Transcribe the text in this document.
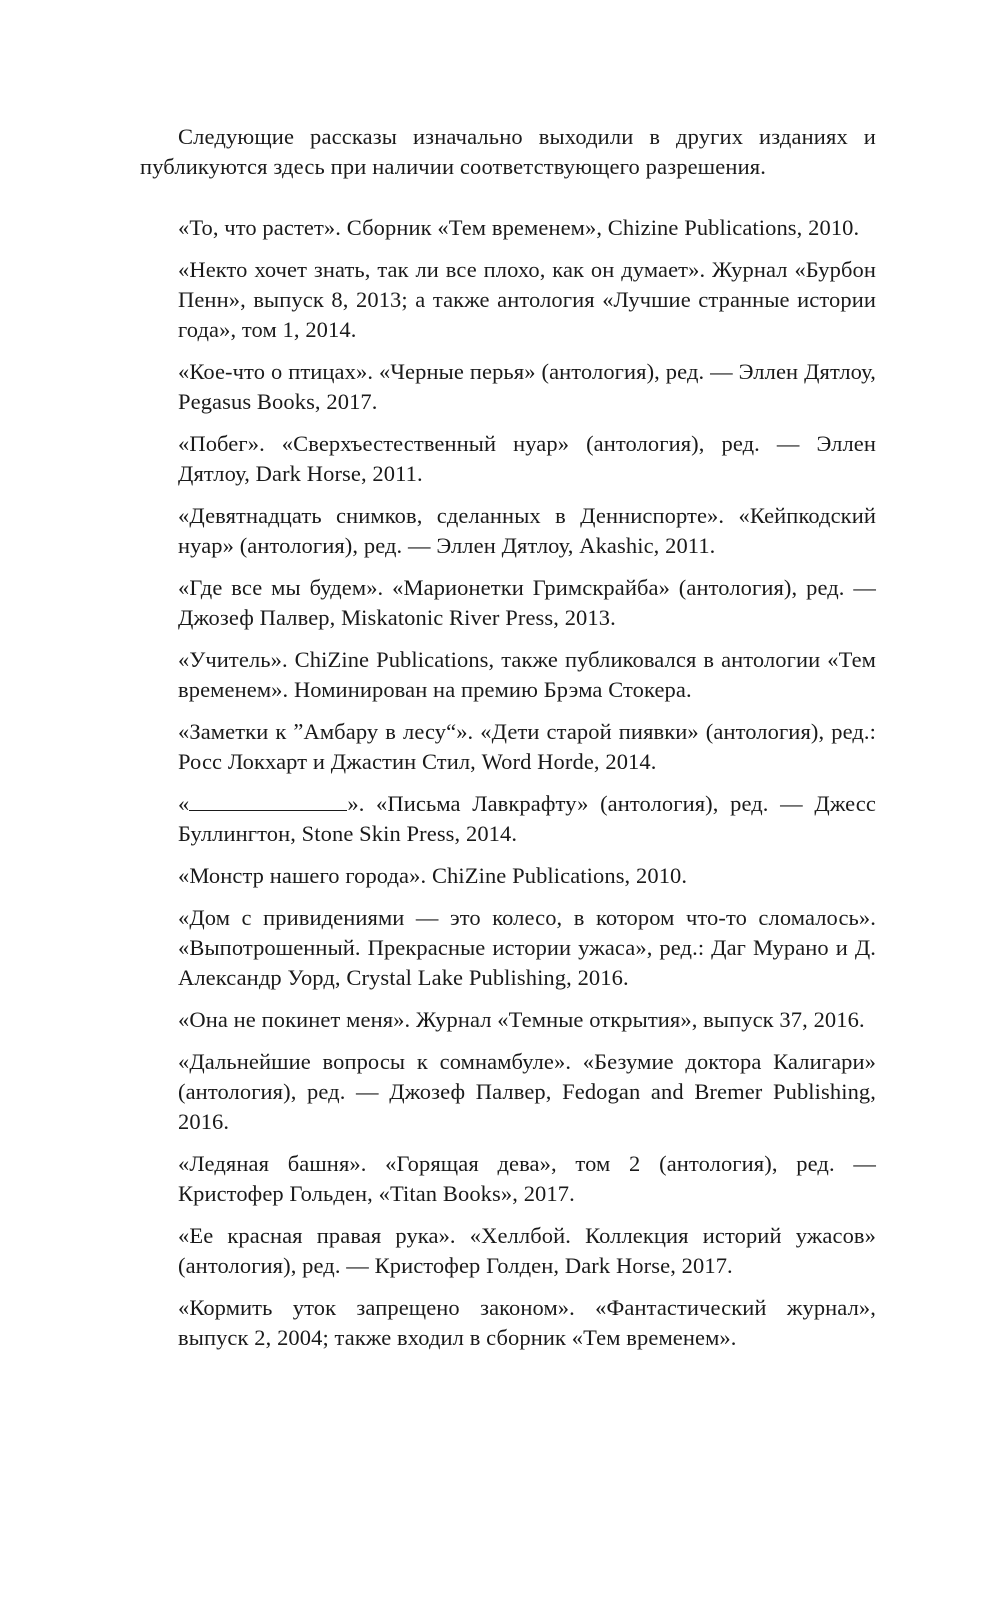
Следующие рассказы изначально выходили в других изданиях и публикуются здесь при наличии соответствующего разрешения.

«То, что растет». Сборник «Тем временем», Chizine Publications, 2010.
«Некто хочет знать, так ли все плохо, как он думает». Журнал «Бурбон Пенн», выпуск 8, 2013; а также антология «Лучшие странные истории года», том 1, 2014.
«Кое-что о птицах». «Черные перья» (антология), ред. — Эллен Дятлоу, Pegasus Books, 2017.
«Побег». «Сверхъестественный нуар» (антология), ред. — Эллен Дятлоу, Dark Horse, 2011.
«Девятнадцать снимков, сделанных в Денниспорте». «Кейпкодский нуар» (антология), ред. — Эллен Дятлоу, Akashic, 2011.
«Где все мы будем». «Марионетки Гримскрайба» (антология), ред. — Джозеф Палвер, Miskatonic River Press, 2013.
«Учитель». ChiZine Publications, также публиковался в антологии «Тем временем». Номинирован на премию Брэма Стокера.
«Заметки к ˮАмбару в лесу“». «Дети старой пиявки» (антология), ред.: Росс Локхарт и Джастин Стил, Word Horde, 2014.
«	». «Письма Лавкрафту» (антология), ред. — Джесс Буллингтон, Stone Skin Press, 2014.
«Монстр нашего города». ChiZine Publications, 2010.
«Дом с привидениями — это колесо, в котором что-то сломалось». «Выпотрошенный. Прекрасные истории ужаса», ред.: Даг Мурано и Д. Александр Уорд, Crystal Lake Publishing, 2016.
«Она не покинет меня». Журнал «Темные открытия», выпуск 37, 2016.
«Дальнейшие вопросы к сомнамбуле». «Безумие доктора Калигари» (антология), ред. — Джозеф Палвер, Fedogan and Bremer Publishing, 2016.
«Ледяная башня». «Горящая дева», том 2 (антология), ред. — Кристофер Гольден, «Titan Books», 2017.
«Ее красная правая рука». «Хеллбой. Коллекция историй ужасов» (антология), ред. — Кристофер Голден, Dark Horse, 2017.
«Кормить уток запрещено законом». «Фантастический журнал», выпуск 2, 2004; также входил в сборник «Тем временем».
